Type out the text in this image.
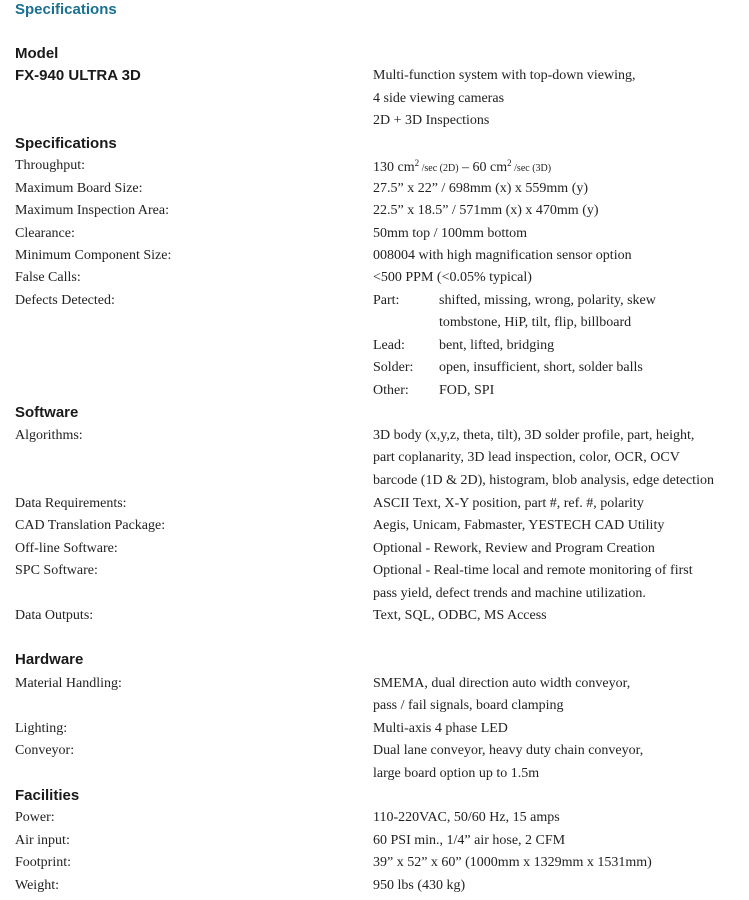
Specifications
Model
FX-940 ULTRA 3D	Multi-function system with top-down viewing,
4 side viewing cameras
2D + 3D Inspections
Specifications
Throughput:	130 $cm^2$ /sec (2D) – 60 $cm^2$ /sec (3D)
Maximum Board Size:	27.5” x 22” / 698mm (x) x 559mm (y)
Maximum Inspection Area:	22.5” x 18.5” / 571mm (x) x 470mm (y)
Clearance:	50mm top / 100mm bottom
Minimum Component Size:	008004 with high magnification sensor option
False Calls:	<500 PPM (<0.05% typical)
Defects Detected:	Part:	shifted, missing, wrong, polarity, skew
tombstone, HiP, tilt, flip, billboard
Lead: bent, lifted, bridging
Solder: open, insufficient, short, solder balls
Other: FOD, SPI
Software
Algorithms:	3D body (x,y,z, theta, tilt), 3D solder profile, part, height,
part coplanarity, 3D lead inspection, color, OCR, OCV
barcode (1D & 2D), histogram, blob analysis, edge detection
Data Requirements:	ASCII Text, X-Y position, part #, ref. #, polarity
CAD Translation Package:	Aegis, Unicam, Fabmaster, YESTECH CAD Utility
Off-line Software:	Optional - Rework, Review and Program Creation
SPC Software:	Optional - Real-time local and remote monitoring of first
pass yield, defect trends and machine utilization.
Data Outputs:	Text, SQL, ODBC, MS Access
Hardware
Material Handling:	SMEMA, dual direction auto width conveyor,
pass / fail signals, board clamping
Lighting:	Multi-axis 4 phase LED
Conveyor:	Dual lane conveyor, heavy duty chain conveyor,
large board option up to 1.5m
Facilities
Power:	110-220VAC, 50/60 Hz, 15 amps
Air input:	60 PSI min., 1/4” air hose, 2 CFM
Footprint:	39” x 52” x 60” (1000mm x 1329mm x 1531mm)
Weight:	950 lbs (430 kg)
